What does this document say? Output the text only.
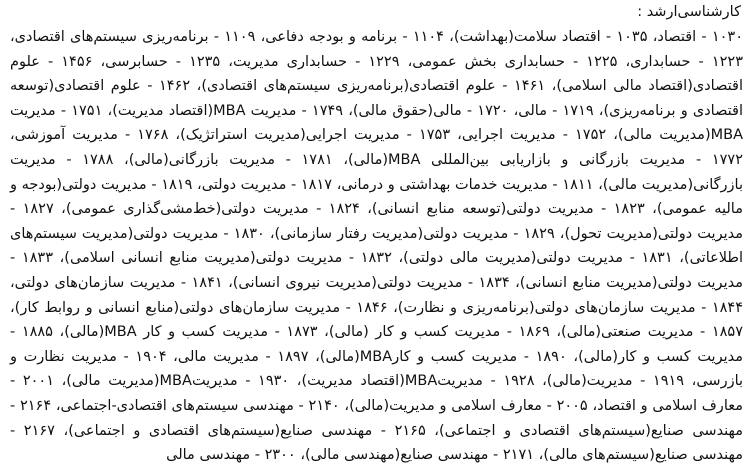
کارشناسی‌ارشد :

۱۰۳۰ - اقتصاد، ۱۰۳۵ - اقتصاد سلامت(بهداشت)، ۱۱۰۴ - برنامه و بودجه دفاعی، ۱۱۰۹ - برنامه‌ریزی سیستم‌های اقتصادی، ۱۲۲۳ - حسابداری، ۱۲۲۵ - حسابداری بخش عمومی، ۱۲۲۹ - حسابداری مدیریت، ۱۲۳۵ - حسابرسی، ۱۴۵۶ - علوم اقتصادی(اقتصاد مالی اسلامی)، ۱۴۶۱ - علوم اقتصادی(برنامه‌ریزی سیستم‌های اقتصادی)، ۱۴۶۲ - علوم اقتصادی(توسعه اقتصادی و برنامه‌ریزی)، ۱۷۱۹ - مالی، ۱۷۲۰ - مالی(حقوق مالی)، ۱۷۴۹ - مدیریت MBA(اقتصاد مدیریت)، ۱۷۵۱ - مدیریت MBA(مدیریت مالی)، ۱۷۵۲ - مدیریت اجرایی، ۱۷۵۳ - مدیریت اجرایی(مدیریت استراتژیک)، ۱۷۶۸ - مدیریت آموزشی، ۱۷۷۲ - مدیریت بازرگانی و بازاریابی بین‌المللی MBA(مالی)، ۱۷۸۱ - مدیریت بازرگانی(مالی)، ۱۷۸۸ - مدیریت بازرگانی(مدیریت مالی)، ۱۸۱۱ - مدیریت خدمات بهداشتی و درمانی، ۱۸۱۷ - مدیریت دولتی، ۱۸۱۹ - مدیریت دولتی(بودجه و مالیه عمومی)، ۱۸۲۳ - مدیریت دولتی(توسعه منابع انسانی)، ۱۸۲۴ - مدیریت دولتی(خط‌مشی‌گذاری عمومی)، ۱۸۲۷ - مدیریت دولتی(مدیریت تحول)، ۱۸۲۹ - مدیریت دولتی(مدیریت رفتار سازمانی)، ۱۸۳۰ - مدیریت دولتی(مدیریت سیستم‌های اطلاعاتی)، ۱۸۳۱ - مدیریت دولتی(مدیریت مالی دولتی)، ۱۸۳۲ - مدیریت دولتی(مدیریت منابع انسانی اسلامی)، ۱۸۳۳ - مدیریت دولتی(مدیریت منابع انسانی)، ۱۸۳۴ - مدیریت دولتی(مدیریت نیروی انسانی)، ۱۸۴۱ - مدیریت سازمان‌های دولتی، ۱۸۴۴ - مدیریت سازمان‌های دولتی(برنامه‌ریزی و نظارت)، ۱۸۴۶ - مدیریت سازمان‌های دولتی(منابع انسانی و روابط کار)، ۱۸۵۷ - مدیریت صنعتی(مالی)، ۱۸۶۹ - مدیریت کسب و کار (مالی)، ۱۸۷۳ - مدیریت کسب و کار MBA(مالی)، ۱۸۸۵ - مدیریت کسب و کار(مالی)، ۱۸۹۰ - مدیریت کسب و کارMBA(مالی)، ۱۸۹۷ - مدیریت مالی، ۱۹۰۴ - مدیریت نظارت و بازرسی، ۱۹۱۹ - مدیریت(مالی)، ۱۹۲۸ - مدیریتMBA(اقتصاد مدیریت)، ۱۹۳۰ - مدیریتMBA(مدیریت مالی)، ۲۰۰۱ - معارف اسلامی و اقتصاد، ۲۰۰۵ - معارف اسلامی و مدیریت(مالی)، ۲۱۴۰ - مهندسی سیستم‌های اقتصادی-اجتماعی، ۲۱۶۴ - مهندسی صنایع(سیستم‌های اقتصادی و اجتماعی)، ۲۱۶۵ - مهندسی صنایع(سیستم‌های اقتصادی و اجتماعی)، ۲۱۶۷ - مهندسی صنایع(سیستم‌های مالی)، ۲۱۷۱ - مهندسی صنایع(مهندسی مالی)، ۲۳۰۰ - مهندسی مالی
